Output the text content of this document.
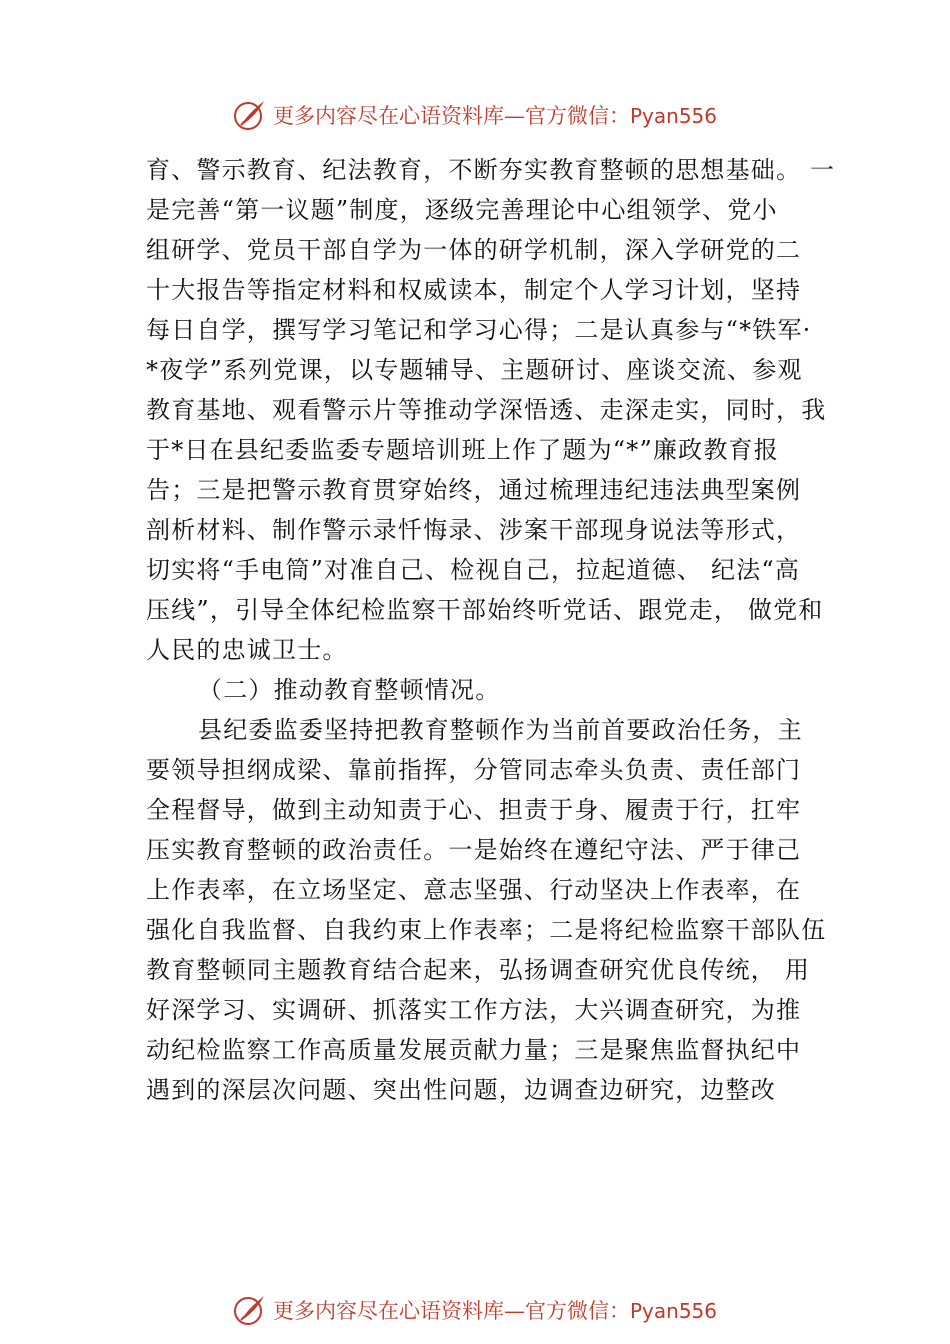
更多内容尽在心语资料库—官方微信：Pyan556
育、警示教育、纪法教育，不断夯实教育整顿的思想基础。 一
是完善“第一议题”制度，逐级完善理论中心组领学、党小
组研学、党员干部自学为一体的研学机制，深入学研党的二
十大报告等指定材料和权威读本，制定个人学习计划，坚持
每日自学，撰写学习笔记和学习心得；二是认真参与“*铁军·
*夜学”系列党课，以专题辅导、主题研讨、座谈交流、参观
教育基地、观看警示片等推动学深悟透、走深走实，同时，我
于*日在县纪委监委专题培训班上作了题为“*”廉政教育报
告；三是把警示教育贯穿始终，通过梳理违纪违法典型案例
剖析材料、制作警示录忏悔录、涉案干部现身说法等形式，
切实将“手电筒”对准自己、检视自己，拉起道德、 纪法“高
压线”，引导全体纪检监察干部始终听党话、跟党走， 做党和
人民的忠诚卫士。
（二）推动教育整顿情况。
县纪委监委坚持把教育整顿作为当前首要政治任务，主
要领导担纲成梁、靠前指挥，分管同志牵头负责、责任部门
全程督导，做到主动知责于心、担责于身、履责于行，扛牢
压实教育整顿的政治责任。一是始终在遵纪守法、严于律己
上作表率，在立场坚定、意志坚强、行动坚决上作表率，在
强化自我监督、自我约束上作表率；二是将纪检监察干部队伍
教育整顿同主题教育结合起来，弘扬调查研究优良传统， 用
好深学习、实调研、抓落实工作方法，大兴调查研究，为推
动纪检监察工作高质量发展贡献力量；三是聚焦监督执纪中
遇到的深层次问题、突出性问题，边调查边研究，边整改
更多内容尽在心语资料库—官方微信：Pyan556
